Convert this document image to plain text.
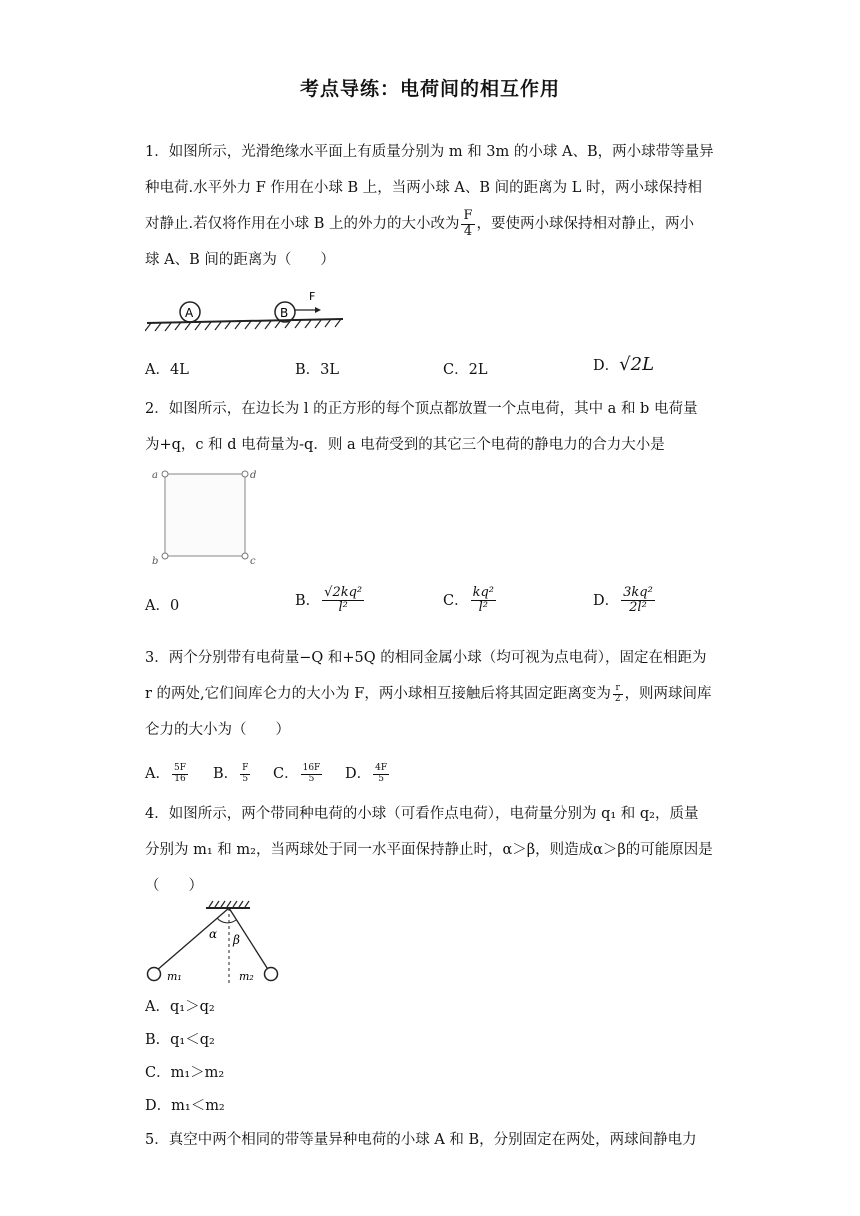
考点导练：电荷间的相互作用
1．如图所示，光滑绝缘水平面上有质量分别为 m 和 3m 的小球 A、B，两小球带等量异
种电荷.水平外力 F 作用在小球 B 上，当两小球 A、B 间的距离为 L 时，两小球保持相
对静止.若仅将作用在小球 B 上的外力的大小改为 $\frac{F}{4}$ ，要使两小球保持相对静止，两小
球 A、B 间的距离为（　　）
A	B
F
A．4L	B．3L	C．2L	D．√2L
2．如图所示，在边长为 l 的正方形的每个顶点都放置一个点电荷，其中 a 和 b 电荷量
为+q，c 和 d 电荷量为-q．则 a 电荷受到的其它三个电荷的静电力的合力大小是
a	d
b	c
A．0	B． $\frac{\text{√2kq²}}{\text{l²}}$	C． $\frac{\text{kq²}}{\text{l²}}$	D． $\frac{\text{3kq²}}{\text{2l²}}$
3．两个分别带有电荷量−Q 和+5Q 的相同金属小球（均可视为点电荷），固定在相距为
r 的两处,它们间库仑力的大小为 F，两小球相互接触后将其固定距离变为 $\frac{r}{2}$ ，则两球间库
仑力的大小为（　　）
A． $\frac{5F}{16}$ B． $\frac{F}{5}$ C． $\frac{16F}{5}$ D． $\frac{4F}{5}$
4．如图所示，两个带同种电荷的小球（可看作点电荷），电荷量分别为 q₁ 和 q₂，质量
分别为 m₁ 和 m₂，当两球处于同一水平面保持静止时，α＞β，则造成α＞β的可能原因是
（　　）
α β
m₁	m₂
A．q₁＞q₂
B．q₁＜q₂
C．m₁＞m₂
D．m₁＜m₂
5．真空中两个相同的带等量异种电荷的小球 A 和 B，分别固定在两处，两球间静电力
